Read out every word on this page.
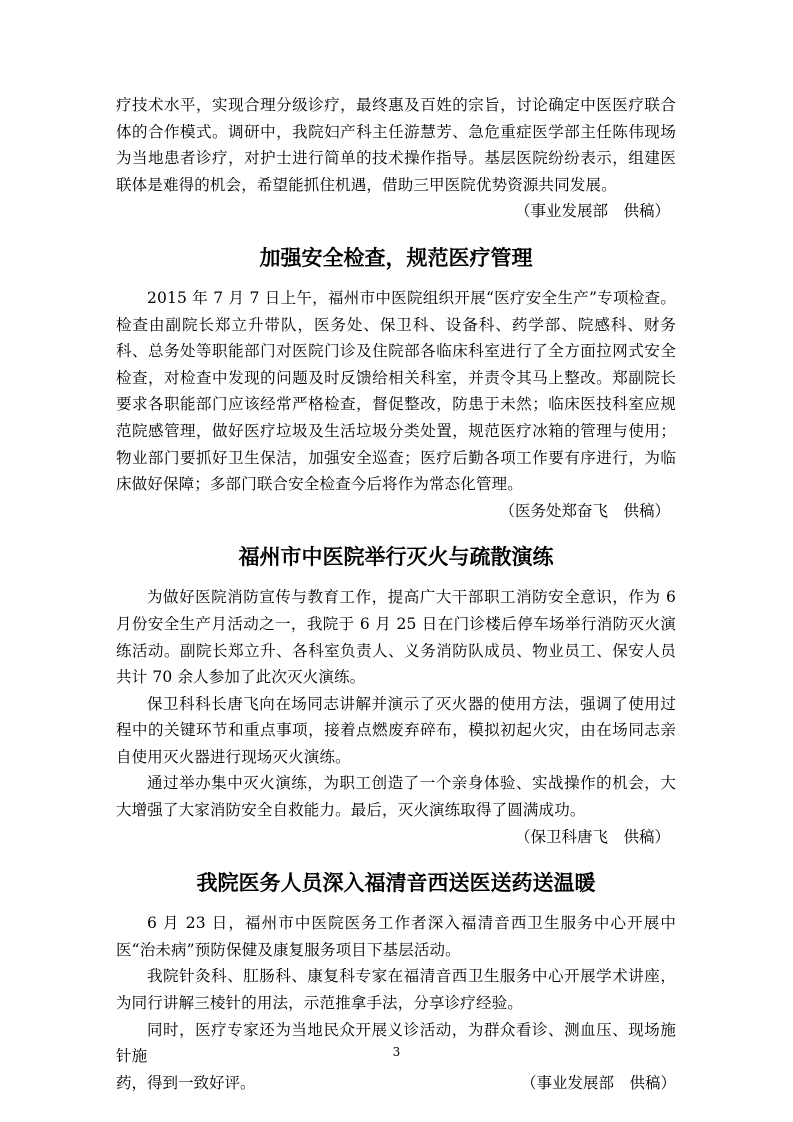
疗技术水平，实现合理分级诊疗，最终惠及百姓的宗旨，讨论确定中医医疗联合体的合作模式。调研中，我院妇产科主任游慧芳、急危重症医学部主任陈伟现场为当地患者诊疗，对护士进行简单的技术操作指导。基层医院纷纷表示，组建医联体是难得的机会，希望能抓住机遇，借助三甲医院优势资源共同发展。

（事业发展部　供稿）

加强安全检查，规范医疗管理

2015 年 7 月 7 日上午，福州市中医院组织开展“医疗安全生产”专项检查。检查由副院长郑立升带队，医务处、保卫科、设备科、药学部、院感科、财务科、总务处等职能部门对医院门诊及住院部各临床科室进行了全方面拉网式安全检查，对检查中发现的问题及时反馈给相关科室，并责令其马上整改。郑副院长要求各职能部门应该经常严格检查，督促整改，防患于未然；临床医技科室应规范院感管理，做好医疗垃圾及生活垃圾分类处置，规范医疗冰箱的管理与使用；物业部门要抓好卫生保洁，加强安全巡查；医疗后勤各项工作要有序进行，为临床做好保障；多部门联合安全检查今后将作为常态化管理。

（医务处郑奋飞　供稿）

福州市中医院举行灭火与疏散演练

为做好医院消防宣传与教育工作，提高广大干部职工消防安全意识，作为 6 月份安全生产月活动之一，我院于 6 月 25 日在门诊楼后停车场举行消防灭火演练活动。副院长郑立升、各科室负责人、义务消防队成员、物业员工、保安人员共计 70 余人参加了此次灭火演练。

保卫科科长唐飞向在场同志讲解并演示了灭火器的使用方法，强调了使用过程中的关键环节和重点事项，接着点燃废弃碎布，模拟初起火灾，由在场同志亲自使用灭火器进行现场灭火演练。

通过举办集中灭火演练，为职工创造了一个亲身体验、实战操作的机会，大大增强了大家消防安全自救能力。最后，灭火演练取得了圆满成功。

（保卫科唐飞　供稿）

我院医务人员深入福清音西送医送药送温暖

6 月 23 日，福州市中医院医务工作者深入福清音西卫生服务中心开展中医“治未病”预防保健及康复服务项目下基层活动。

我院针灸科、肛肠科、康复科专家在福清音西卫生服务中心开展学术讲座，为同行讲解三棱针的用法，示范推拿手法，分享诊疗经验。

同时，医疗专家还为当地民众开展义诊活动，为群众看诊、测血压、现场施针施

药，得到一致好评。	（事业发展部　供稿）
3
